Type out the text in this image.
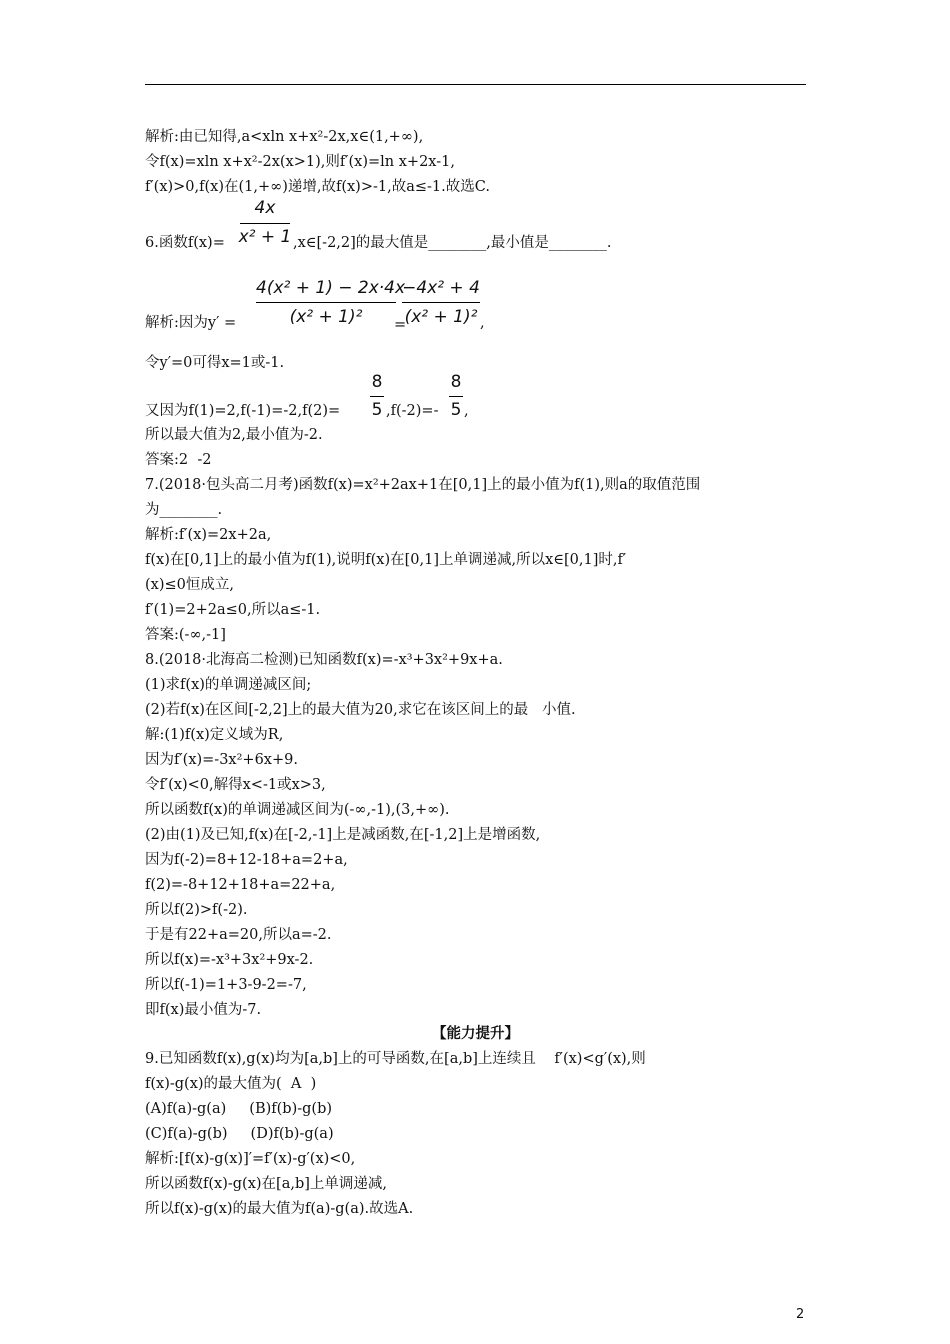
解析:由已知得,a<xln x+x²-2x,x∈(1,+∞),
令f(x)=xln x+x²-2x(x>1),则f′(x)=ln x+2x-1,
f′(x)>0,f(x)在(1,+∞)递增,故f(x)>-1,故a≤-1.故选C.
6.函数f(x)=
4x
x² + 1 ,x∈[-2,2]的最大值是________,最小值是________.
解析:因为y′ =
4(x² + 1) − 2x·4x
(x² + 1)²	=
−4x² + 4
(x² + 1)² ,
令y′=0可得x=1或-1.
又因为f(1)=2,f(-1)=-2,f(2)=
8
5 ,f(-2)=-
8
5 ,
所以最大值为2,最小值为-2.
答案:2  -2
7.(2018·包头高二月考)函数f(x)=x²+2ax+1在[0,1]上的最小值为f(1),则a的取值范围
为________.
解析:f′(x)=2x+2a,
f(x)在[0,1]上的最小值为f(1),说明f(x)在[0,1]上单调递减,所以x∈[0,1]时,f′
(x)≤0恒成立,
f′(1)=2+2a≤0,所以a≤-1.
答案:(-∞,-1]
8.(2018·北海高二检测)已知函数f(x)=-x³+3x²+9x+a.
(1)求f(x)的单调递减区间;
(2)若f(x)在区间[-2,2]上的最大值为20,求它在该区间上的最   小值.
解:(1)f(x)定义域为R,
因为f′(x)=-3x²+6x+9.
令f′(x)<0,解得x<-1或x>3,
所以函数f(x)的单调递减区间为(-∞,-1),(3,+∞).
(2)由(1)及已知,f(x)在[-2,-1]上是减函数,在[-1,2]上是增函数,
因为f(-2)=8+12-18+a=2+a,
f(2)=-8+12+18+a=22+a,
所以f(2)>f(-2).
于是有22+a=20,所以a=-2.
所以f(x)=-x³+3x²+9x-2.
所以f(-1)=1+3-9-2=-7,
即f(x)最小值为-7.
【能力提升】
9.已知函数f(x),g(x)均为[a,b]上的可导函数,在[a,b]上连续且    f′(x)<g′(x),则
f(x)-g(x)的最大值为(  A  )
(A)f(a)-g(a)     (B)f(b)-g(b)
(C)f(a)-g(b)     (D)f(b)-g(a)
解析:[f(x)-g(x)]′=f′(x)-g′(x)<0,
所以函数f(x)-g(x)在[a,b]上单调递减,
所以f(x)-g(x)的最大值为f(a)-g(a).故选A.
2
